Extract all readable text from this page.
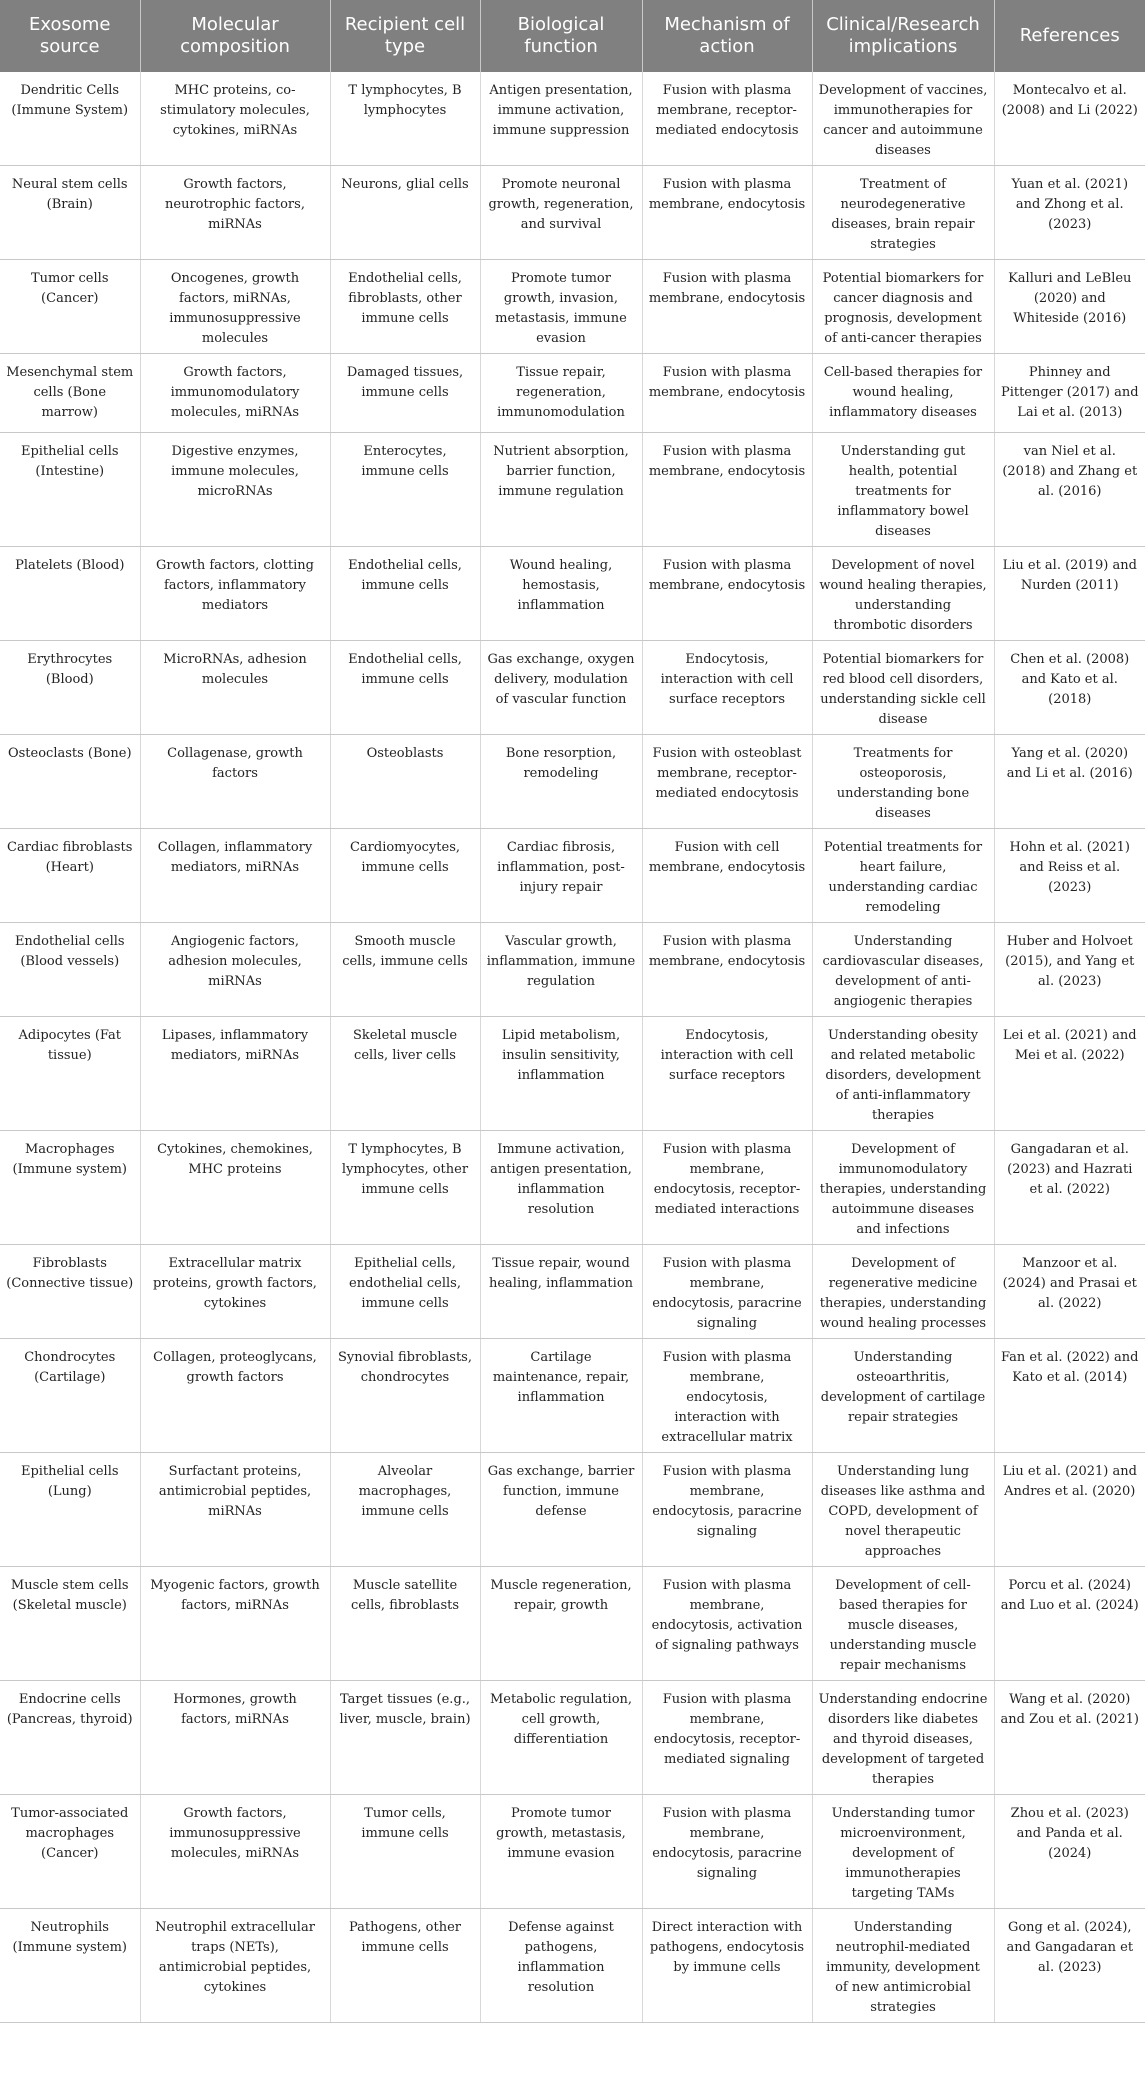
Exosome source	Molecular composition	Recipient cell type	Biological function	Mechanism of action	Clinical/Research implications	References
Dendritic Cells (Immune System)	MHC proteins, co-stimulatory molecules, cytokines, miRNAs	T lymphocytes, B lymphocytes	Antigen presentation, immune activation, immune suppression	Fusion with plasma membrane, receptor-mediated endocytosis	Development of vaccines, immunotherapies for cancer and autoimmune diseases	Montecalvo et al. (2008) and Li (2022)
Neural stem cells (Brain)	Growth factors, neurotrophic factors, miRNAs	Neurons, glial cells	Promote neuronal growth, regeneration, and survival	Fusion with plasma membrane, endocytosis	Treatment of neurodegenerative diseases, brain repair strategies	Yuan et al. (2021) and Zhong et al. (2023)
Tumor cells (Cancer)	Oncogenes, growth factors, miRNAs, immunosuppressive molecules	Endothelial cells, fibroblasts, other immune cells	Promote tumor growth, invasion, metastasis, immune evasion	Fusion with plasma membrane, endocytosis	Potential biomarkers for cancer diagnosis and prognosis, development of anti-cancer therapies	Kalluri and LeBleu (2020) and Whiteside (2016)
Mesenchymal stem cells (Bone marrow)	Growth factors, immunomodulatory molecules, miRNAs	Damaged tissues, immune cells	Tissue repair, regeneration, immunomodulation	Fusion with plasma membrane, endocytosis	Cell-based therapies for wound healing, inflammatory diseases	Phinney and Pittenger (2017) and Lai et al. (2013)
Epithelial cells (Intestine)	Digestive enzymes, immune molecules, microRNAs	Enterocytes, immune cells	Nutrient absorption, barrier function, immune regulation	Fusion with plasma membrane, endocytosis	Understanding gut health, potential treatments for inflammatory bowel diseases	van Niel et al. (2018) and Zhang et al. (2016)
Platelets (Blood)	Growth factors, clotting factors, inflammatory mediators	Endothelial cells, immune cells	Wound healing, hemostasis, inflammation	Fusion with plasma membrane, endocytosis	Development of novel wound healing therapies, understanding thrombotic disorders	Liu et al. (2019) and Nurden (2011)
Erythrocytes (Blood)	MicroRNAs, adhesion molecules	Endothelial cells, immune cells	Gas exchange, oxygen delivery, modulation of vascular function	Endocytosis, interaction with cell surface receptors	Potential biomarkers for red blood cell disorders, understanding sickle cell disease	Chen et al. (2008) and Kato et al. (2018)
Osteoclasts (Bone)	Collagenase, growth factors	Osteoblasts	Bone resorption, remodeling	Fusion with osteoblast membrane, receptor-mediated endocytosis	Treatments for osteoporosis, understanding bone diseases	Yang et al. (2020) and Li et al. (2016)
Cardiac fibroblasts (Heart)	Collagen, inflammatory mediators, miRNAs	Cardiomyocytes, immune cells	Cardiac fibrosis, inflammation, post-injury repair	Fusion with cell membrane, endocytosis	Potential treatments for heart failure, understanding cardiac remodeling	Hohn et al. (2021) and Reiss et al. (2023)
Endothelial cells (Blood vessels)	Angiogenic factors, adhesion molecules, miRNAs	Smooth muscle cells, immune cells	Vascular growth, inflammation, immune regulation	Fusion with plasma membrane, endocytosis	Understanding cardiovascular diseases, development of anti-angiogenic therapies	Huber and Holvoet (2015), and Yang et al. (2023)
Adipocytes (Fat tissue)	Lipases, inflammatory mediators, miRNAs	Skeletal muscle cells, liver cells	Lipid metabolism, insulin sensitivity, inflammation	Endocytosis, interaction with cell surface receptors	Understanding obesity and related metabolic disorders, development of anti-inflammatory therapies	Lei et al. (2021) and Mei et al. (2022)
Macrophages (Immune system)	Cytokines, chemokines, MHC proteins	T lymphocytes, B lymphocytes, other immune cells	Immune activation, antigen presentation, inflammation resolution	Fusion with plasma membrane, endocytosis, receptor-mediated interactions	Development of immunomodulatory therapies, understanding autoimmune diseases and infections	Gangadaran et al. (2023) and Hazrati et al. (2022)
Fibroblasts (Connective tissue)	Extracellular matrix proteins, growth factors, cytokines	Epithelial cells, endothelial cells, immune cells	Tissue repair, wound healing, inflammation	Fusion with plasma membrane, endocytosis, paracrine signaling	Development of regenerative medicine therapies, understanding wound healing processes	Manzoor et al. (2024) and Prasai et al. (2022)
Chondrocytes (Cartilage)	Collagen, proteoglycans, growth factors	Synovial fibroblasts, chondrocytes	Cartilage maintenance, repair, inflammation	Fusion with plasma membrane, endocytosis, interaction with extracellular matrix	Understanding osteoarthritis, development of cartilage repair strategies	Fan et al. (2022) and Kato et al. (2014)
Epithelial cells (Lung)	Surfactant proteins, antimicrobial peptides, miRNAs	Alveolar macrophages, immune cells	Gas exchange, barrier function, immune defense	Fusion with plasma membrane, endocytosis, paracrine signaling	Understanding lung diseases like asthma and COPD, development of novel therapeutic approaches	Liu et al. (2021) and Andres et al. (2020)
Muscle stem cells (Skeletal muscle)	Myogenic factors, growth factors, miRNAs	Muscle satellite cells, fibroblasts	Muscle regeneration, repair, growth	Fusion with plasma membrane, endocytosis, activation of signaling pathways	Development of cell-based therapies for muscle diseases, understanding muscle repair mechanisms	Porcu et al. (2024) and Luo et al. (2024)
Endocrine cells (Pancreas, thyroid)	Hormones, growth factors, miRNAs	Target tissues (e.g., liver, muscle, brain)	Metabolic regulation, cell growth, differentiation	Fusion with plasma membrane, endocytosis, receptor-mediated signaling	Understanding endocrine disorders like diabetes and thyroid diseases, development of targeted therapies	Wang et al. (2020) and Zou et al. (2021)
Tumor-associated macrophages (Cancer)	Growth factors, immunosuppressive molecules, miRNAs	Tumor cells, immune cells	Promote tumor growth, metastasis, immune evasion	Fusion with plasma membrane, endocytosis, paracrine signaling	Understanding tumor microenvironment, development of immunotherapies targeting TAMs	Zhou et al. (2023) and Panda et al. (2024)
Neutrophils (Immune system)	Neutrophil extracellular traps (NETs), antimicrobial peptides, cytokines	Pathogens, other immune cells	Defense against pathogens, inflammation resolution	Direct interaction with pathogens, endocytosis by immune cells	Understanding neutrophil-mediated immunity, development of new antimicrobial strategies	Gong et al. (2024), and Gangadaran et al. (2023)
